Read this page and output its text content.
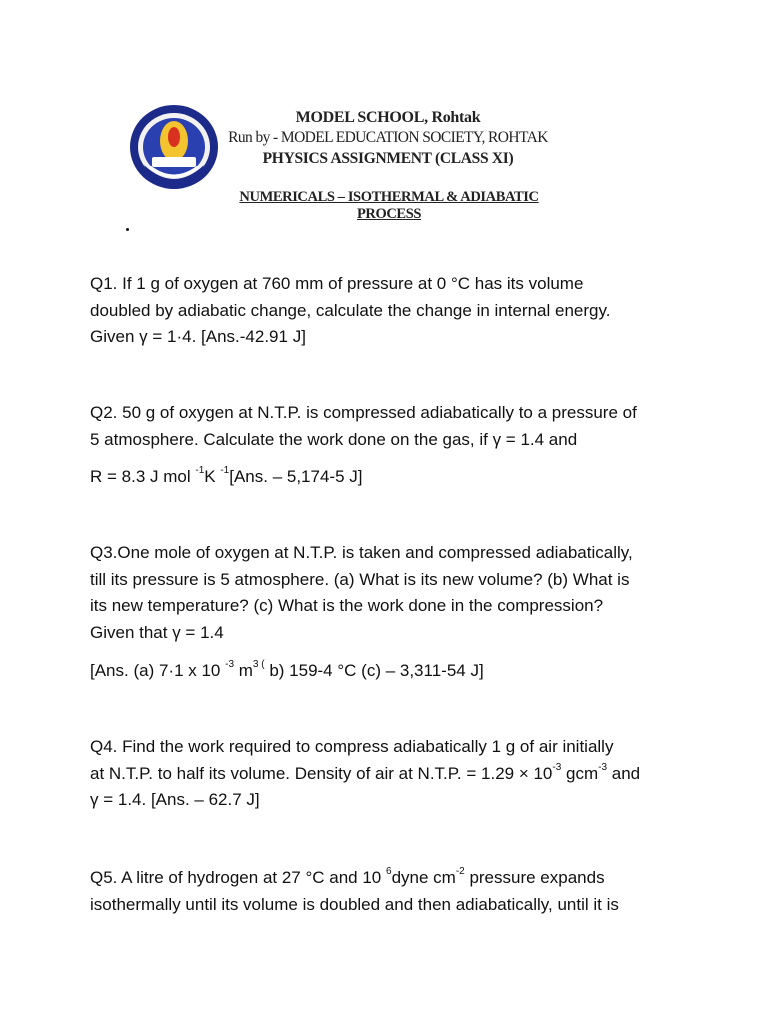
MODEL SCHOOL, Rohtak
Run by - MODEL EDUCATION SOCIETY, ROHTAK
PHYSICS ASSIGNMENT (CLASS XI)
NUMERICALS – ISOTHERMAL & ADIABATIC PROCESS
Q1. If 1 g of oxygen at 760 mm of pressure at 0 °C has its volume
doubled by adiabatic change, calculate the change in internal energy.
Given γ = 1·4. [Ans.-42.91 J]
Q2. 50 g of oxygen at N.T.P. is compressed adiabatically to a pressure of
5 atmosphere. Calculate the work done on the gas, if γ = 1.4 and
R = 8.3 J mol $^{-1}$K $^{-1}$[Ans. – 5,174-5 J]
Q3.One mole of oxygen at N.T.P. is taken and compressed adiabatically,
till its pressure is 5 atmosphere. (a) What is its new volume? (b) What is
its new temperature? (c) What is the work done in the compression?
Given that γ = 1.4
[Ans. (a) 7·1 x 10 $^{-3}$ $m^{3 (}$ b) 159-4 °C (c) – 3,311-54 J]
Q4. Find the work required to compress adiabatically 1 g of air initially
at N.T.P. to half its volume. Density of air at N.T.P. = $1.29 \times 10^{-3}$ gcm$^{-3}$ and
γ = 1.4. [Ans. – 62.7 J]
Q5. A litre of hydrogen at 27 °C and 10 $^6$dyne $cm^{-2}$ pressure expands
isothermally until its volume is doubled and then adiabatically, until it is
